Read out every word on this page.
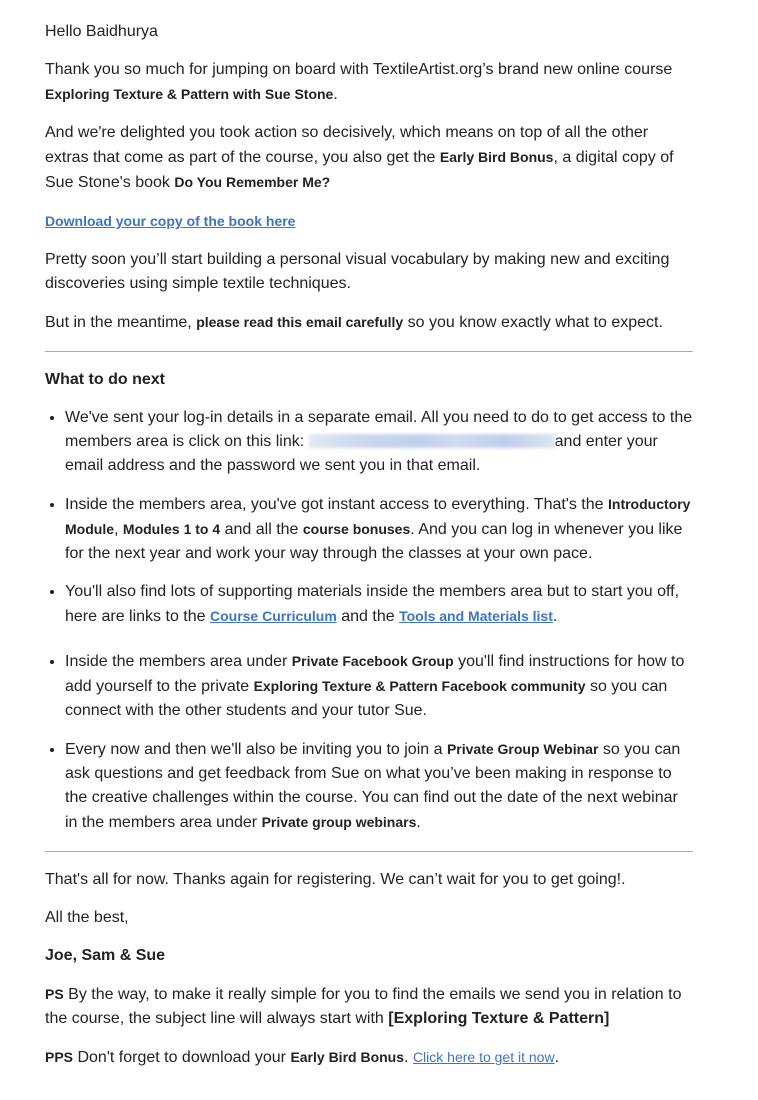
Hello Baidhurya

Thank you so much for jumping on board with TextileArtist.org’s brand new online course Exploring Texture & Pattern with Sue Stone.

And we're delighted you took action so decisively, which means on top of all the other extras that come as part of the course, you also get the Early Bird Bonus, a digital copy of Sue Stone's book Do You Remember Me?

Download your copy of the book here

Pretty soon you’ll start building a personal visual vocabulary by making new and exciting discoveries using simple textile techniques.

But in the meantime, please read this email carefully so you know exactly what to expect.

What to do next
• We've sent your log-in details in a separate email. All you need to do to get access to the members area is click on this link:	and enter your email address and the password we sent you in that email.
• Inside the members area, you've got instant access to everything. That's the Introductory Module, Modules 1 to 4 and all the course bonuses. And you can log in whenever you like for the next year and work your way through the classes at your own pace.
• You'll also find lots of supporting materials inside the members area but to start you off, here are links to the Course Curriculum and the Tools and Materials list.
• Inside the members area under Private Facebook Group you'll find instructions for how to add yourself to the private Exploring Texture & Pattern Facebook community so you can connect with the other students and your tutor Sue.
• Every now and then we'll also be inviting you to join a Private Group Webinar so you can ask questions and get feedback from Sue on what you’ve been making in response to the creative challenges within the course. You can find out the date of the next webinar in the members area under Private group webinars.

That's all for now. Thanks again for registering. We can’t wait for you to get going!.

All the best,

Joe, Sam & Sue

PS By the way, to make it really simple for you to find the emails we send you in relation to the course, the subject line will always start with [Exploring Texture & Pattern]

PPS Don't forget to download your Early Bird Bonus. Click here to get it now.
